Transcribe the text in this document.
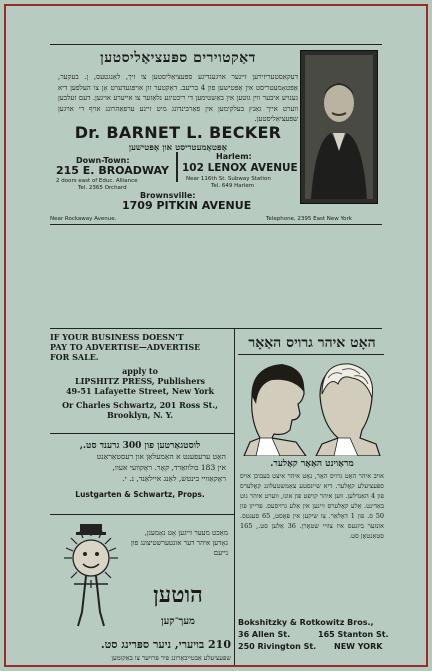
דאַקטוירים ספּעציאַליסטען
דעקאַסטעריזירען זיינער אויגענדיגע ספּעציאַליסטען צו זיך, לאַנגטעס, ן. בעקער, אַפּטאָמעטריסט אין אָפּטישען פון 4 בריעב. דאַקטער זון אויפּגעדערט אָן צו העלפען דיא גענויע איבער ווין גוטען אין באַשטימען די ריכטיגע נלאַזער צו אייערע אויגען. דעם זעלבען ווערט אייך גאַנץ בעלקימען אין פאַרבינדונג מיט זיינע ערפאַהרונג אויף די אויגען שפּעציאַליסטען.
Dr. BARNET L. BECKER
אָפּטאָמעטריסט און אָפּטישען
Down-Town:
215 E. BROADWAY
2 doors east of Educ. Alliance
Tel. 2365 Orchard
Harlem:
102 LENOX AVENUE
Near 116th St. Subway Station
Tel. 649 Harlem
Brownsville:
1709 PITKIN AVENUE
Near Rockaway Avenue.	Telephone, 2395 East New York
IF YOUR BUSINESS DOESN'T
PAY TO ADVERTISE—ADVERTISE
FOR SALE.
apply to
LIPSHITZ PRESS, Publishers
49-51 Lafayette Street, New York
Or Charles Schwartz, 201 Ross St.,
Brooklyn, N. Y.
לוסטגאַרטען פון 300 גרענד סט.,
האַט ערעפענט א האַמעלאַן און רעסטאַראַנט
אין 183 בולוואַרד, קאָר. ראָקוועי אעוו,
ראָקאַוויי בינטש, לאַנג איילאַנד, נ. י.
Lustgarten & Schwartz, Props.
מאַכט מעער זייגען אָט נאָמענן, גאָדען איהר דער אונטערשטיצונג פון נייעם
הוטען
מעך־קען
210 בויערי, ניער ספּרינג סט.
שפּעציעלע אַבטייבאַרונג פיר פּרויער צו באַקומען
האָט איהר גרויס האַאָר
מראַוינט האַאָר קאָלער.
אויב איהר האָט גרויס האָר, נאָט איהר איצט בעבוכן אויס ספּעציעלע קאָלער. דיא שיינסטע צאַמשטעלונג קאָלערס פון 4 האַנדלען. ווען איהר קויפט פון אונז, ווערט איהר גוט באַדינט. אַלע קאָלערס זיינען אין אַלע גרויסעס. פּרייזן פון 50 ס. פון 1 דאָלאַר. צו שיקען אין פּאָסט, 65 סענטס. אונזער ביזנעס איז צוויי שטאָרן. 36 אַלען סט., 165 סטאַנטאָן סט.
Bokshitzky & Rotkowitz Bros.,
36 Allen St.	165 Stanton St.
250 Rivington St. NEW YORK
